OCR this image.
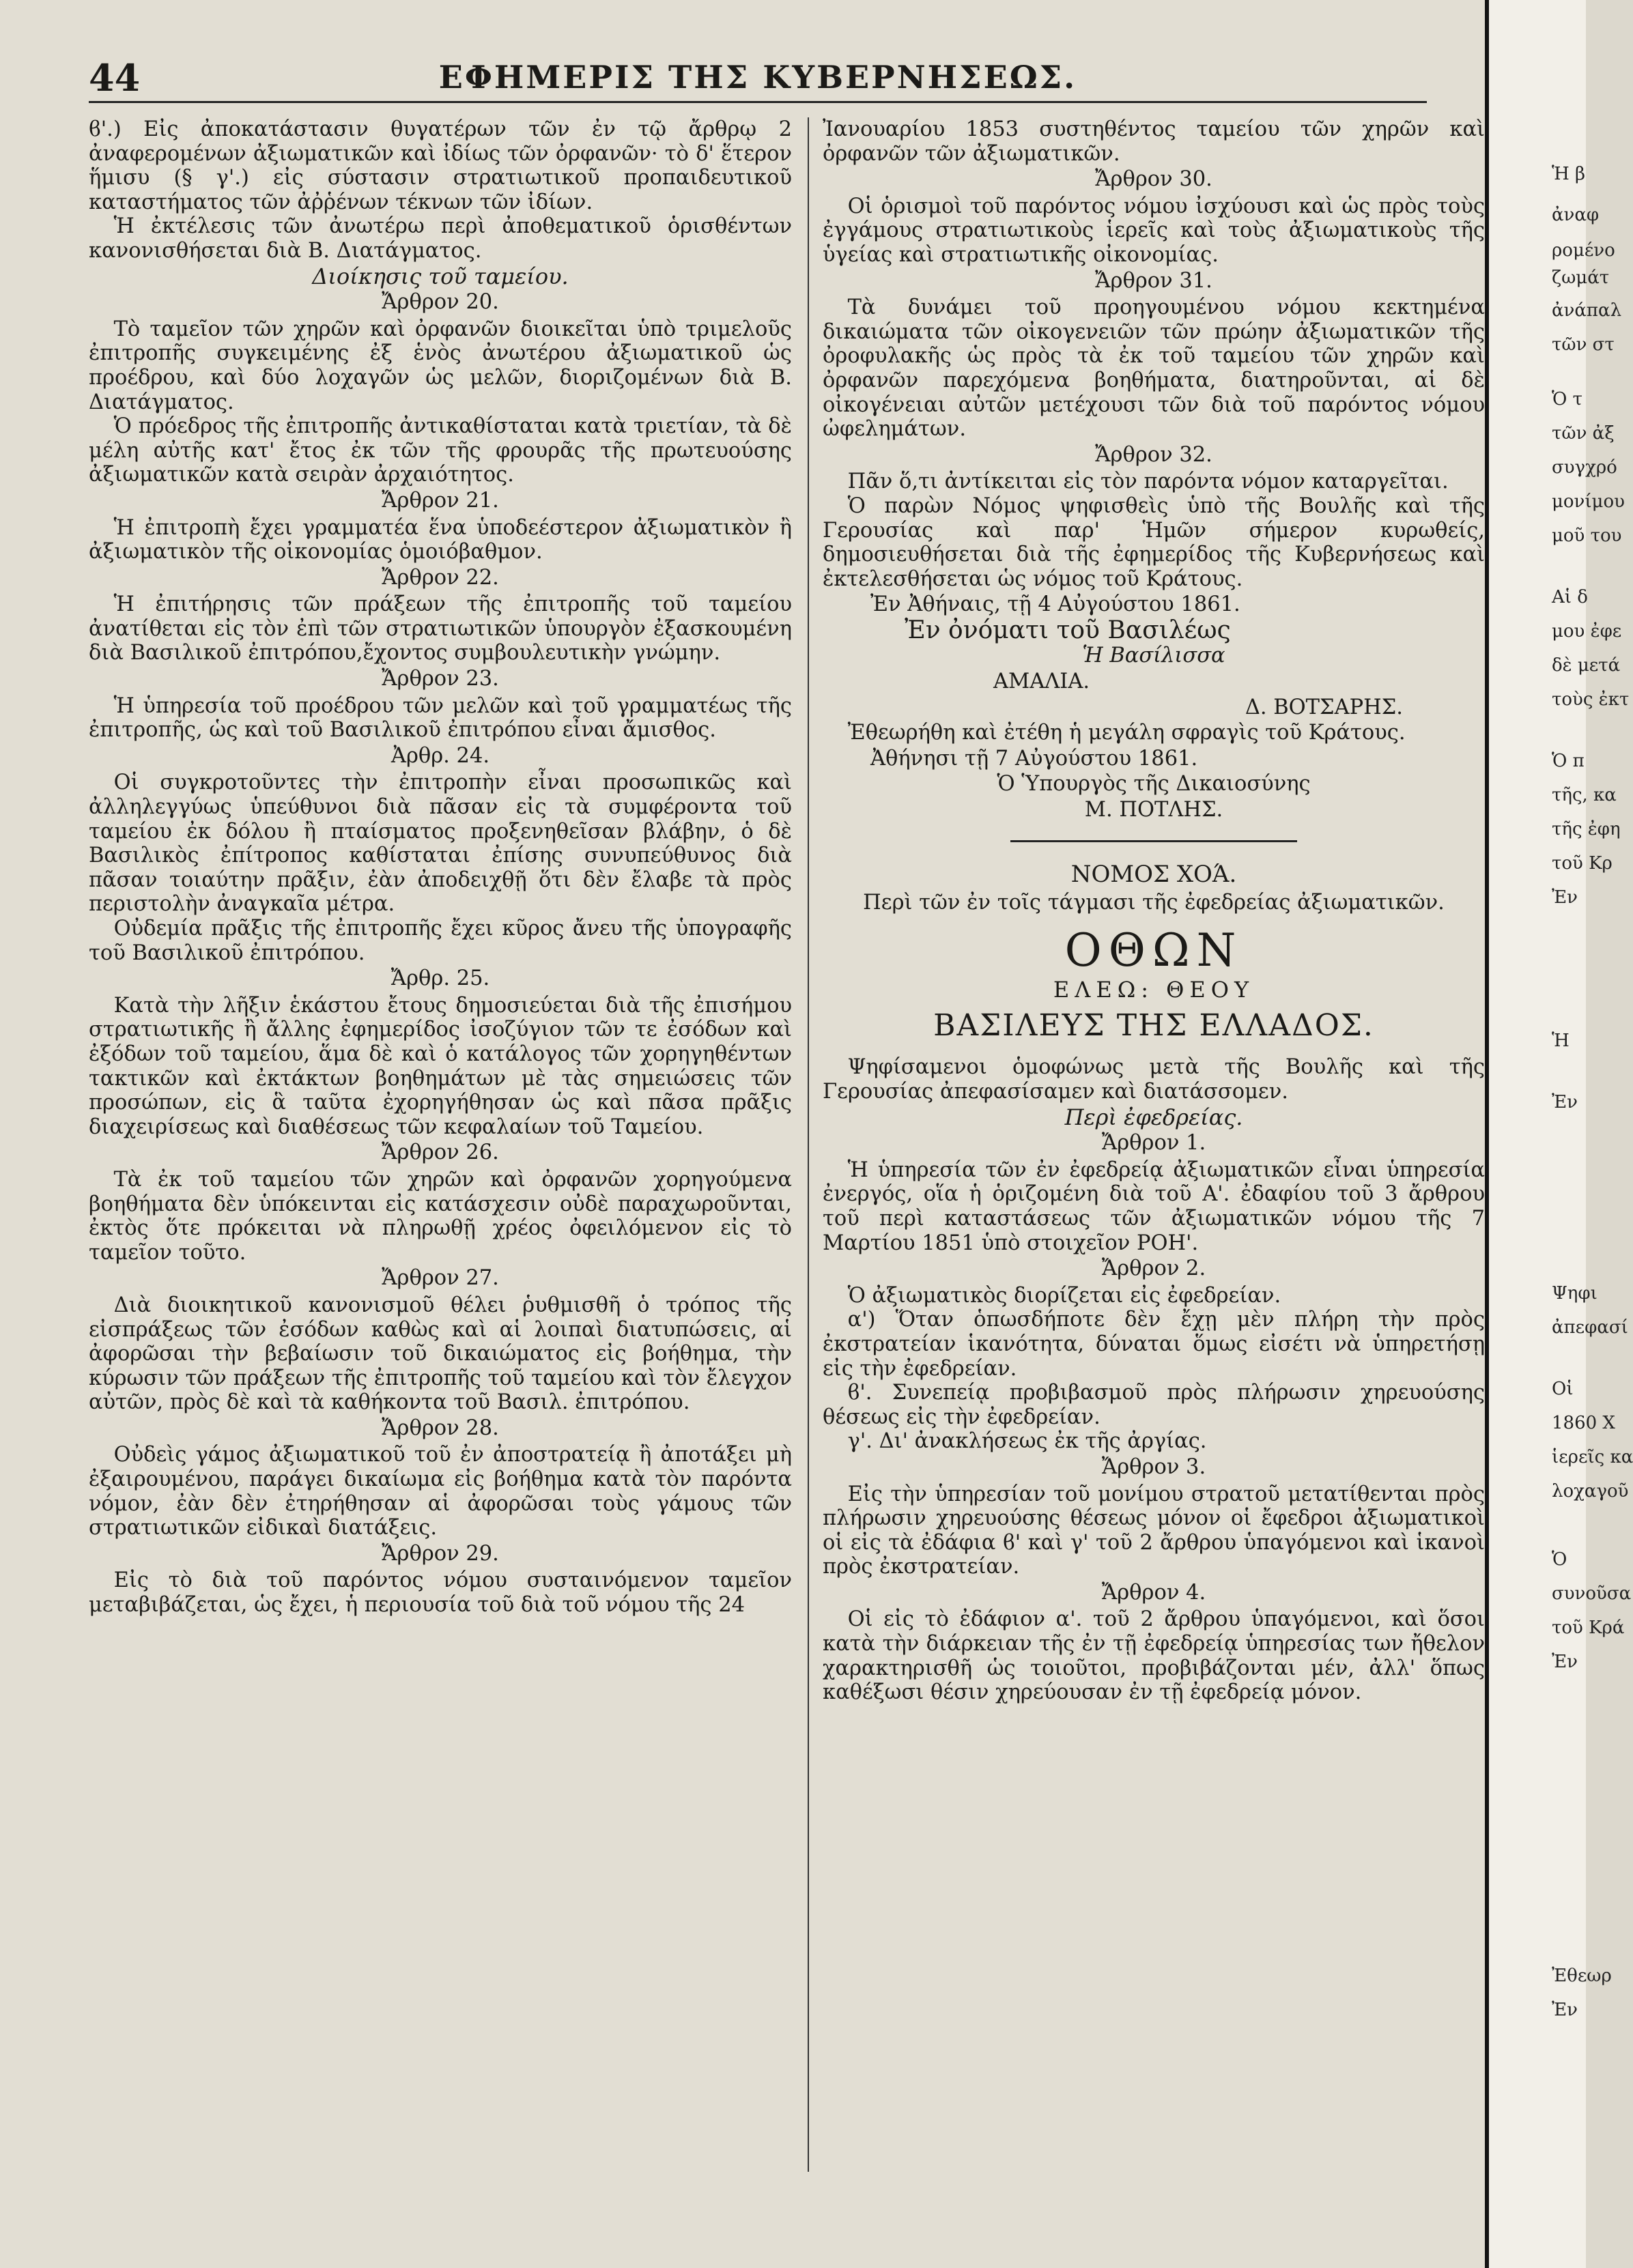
44	ΕΦΗΜΕΡΙΣ ΤΗΣ ΚΥΒΕΡΝΗΣΕΩΣ.

ϐ'.) Εἰς ἀποκατάστασιν θυγατέρων τῶν ἐν τῷ ἄρθρῳ 2 ἀναφερομένων ἀξιωματικῶν καὶ ἰδίως τῶν ὀρφανῶν· τὸ δ' ἕτερον ἥμισυ (§ γ'.) εἰς σύστασιν στρατιωτικοῦ προπαιδευτικοῦ καταστήματος τῶν ἀῤῥένων τέκνων τῶν ἰδίων.

Ἡ ἐκτέλεσις τῶν ἀνωτέρω περὶ ἀποθεματικοῦ ὁρισθέντων κανονισθήσεται διὰ Β. Διατάγματος.

Διοίκησις τοῦ ταμείου.
Ἄρθρον 20.

Τὸ ταμεῖον τῶν χηρῶν καὶ ὀρφανῶν διοικεῖται ὑπὸ τριμελοῦς ἐπιτροπῆς συγκειμένης ἐξ ἑνὸς ἀνωτέρου ἀξιωματικοῦ ὡς προέδρου, καὶ δύο λοχαγῶν ὡς μελῶν, διοριζομένων διὰ Β. Διατάγματος.

Ὁ πρόεδρος τῆς ἐπιτροπῆς ἀντικαθίσταται κατὰ τριετίαν, τὰ δὲ μέλη αὐτῆς κατ' ἔτος ἐκ τῶν τῆς φρουρᾶς τῆς πρωτευούσης ἀξιωματικῶν κατὰ σειρὰν ἀρχαιότητος.

Ἄρθρον 21.

Ἡ ἐπιτροπὴ ἔχει γραμματέα ἕνα ὑποδεέστερον ἀξιωματικὸν ἢ ἀξιωματικὸν τῆς οἰκονομίας ὁμοιόβαθμον.

Ἄρθρον 22.

Ἡ ἐπιτήρησις τῶν πράξεων τῆς ἐπιτροπῆς τοῦ ταμείου ἀνατίθεται εἰς τὸν ἐπὶ τῶν στρατιωτικῶν ὑπουργὸν ἐξασκουμένη διὰ Βασιλικοῦ ἐπιτρόπου,ἔχοντος συμβουλευτικὴν γνώμην.

Ἄρθρον 23.

Ἡ ὑπηρεσία τοῦ προέδρου τῶν μελῶν καὶ τοῦ γραμματέως τῆς ἐπιτροπῆς, ὡς καὶ τοῦ Βασιλικοῦ ἐπιτρόπου εἶναι ἄμισθος.

Ἀρθρ. 24.

Οἱ συγκροτοῦντες τὴν ἐπιτροπὴν εἶναι προσωπικῶς καὶ ἀλληλεγγύως ὑπεύθυνοι διὰ πᾶσαν εἰς τὰ συμφέροντα τοῦ ταμείου ἐκ δόλου ἢ πταίσματος προξενηθεῖσαν βλάβην, ὁ δὲ Βασιλικὸς ἐπίτροπος καθίσταται ἐπίσης συνυπεύθυνος διὰ πᾶσαν τοιαύτην πρᾶξιν, ἐὰν ἀποδειχθῇ ὅτι δὲν ἔλαβε τὰ πρὸς περιστολὴν ἀναγκαῖα μέτρα.

Οὐδεμία πρᾶξις τῆς ἐπιτροπῆς ἔχει κῦρος ἄνευ τῆς ὑπογραφῆς τοῦ Βασιλικοῦ ἐπιτρόπου.

Ἄρθρ. 25.

Κατὰ τὴν λῆξιν ἑκάστου ἔτους δημοσιεύεται διὰ τῆς ἐπισήμου στρατιωτικῆς ἢ ἄλλης ἐφημερίδος ἰσοζύγιον τῶν τε ἐσόδων καὶ ἐξόδων τοῦ ταμείου, ἅμα δὲ καὶ ὁ κατάλογος τῶν χορηγηθέντων τακτικῶν καὶ ἐκτάκτων βοηθημάτων μὲ τὰς σημειώσεις τῶν προσώπων, εἰς ἃ ταῦτα ἐχορηγήθησαν ὡς καὶ πᾶσα πρᾶξις διαχειρίσεως καὶ διαθέσεως τῶν κεφαλαίων τοῦ Ταμείου.

Ἄρθρον 26.

Τὰ ἐκ τοῦ ταμείου τῶν χηρῶν καὶ ὀρφανῶν χορηγούμενα βοηθήματα δὲν ὑπόκεινται εἰς κατάσχεσιν οὐδὲ παραχωροῦνται, ἐκτὸς ὅτε πρόκειται νὰ πληρωθῇ χρέος ὀφειλόμενον εἰς τὸ ταμεῖον τοῦτο.

Ἄρθρον 27.

Διὰ διοικητικοῦ κανονισμοῦ θέλει ῥυθμισθῆ ὁ τρόπος τῆς εἰσπράξεως τῶν ἐσόδων καθὼς καὶ αἱ λοιπαὶ διατυπώσεις, αἱ ἀφορῶσαι τὴν βεβαίωσιν τοῦ δικαιώματος εἰς βοήθημα, τὴν κύρωσιν τῶν πράξεων τῆς ἐπιτροπῆς τοῦ ταμείου καὶ τὸν ἔλεγχον αὐτῶν, πρὸς δὲ καὶ τὰ καθήκοντα τοῦ Βασιλ. ἐπιτρόπου.

Ἄρθρον 28.

Οὐδεὶς γάμος ἀξιωματικοῦ τοῦ ἐν ἀποστρατείᾳ ἢ ἀποτάξει μὴ ἐξαιρουμένου, παράγει δικαίωμα εἰς βοήθημα κατὰ τὸν παρόντα νόμον, ἐὰν δὲν ἐτηρήθησαν αἱ ἀφορῶσαι τοὺς γάμους τῶν στρατιωτικῶν εἰδικαὶ διατάξεις.

Ἄρθρον 29.

Εἰς τὸ διὰ τοῦ παρόντος νόμου συσταινόμενον ταμεῖον μεταβιβάζεται, ὡς ἔχει, ἡ περιουσία τοῦ διὰ τοῦ νόμου τῆς 24

Ἰανουαρίου 1853 συστηθέντος ταμείου τῶν χηρῶν καὶ ὀρφανῶν τῶν ἀξιωματικῶν.

Ἄρθρον 30.

Οἱ ὁρισμοὶ τοῦ παρόντος νόμου ἰσχύουσι καὶ ὡς πρὸς τοὺς ἐγγάμους στρατιωτικοὺς ἱερεῖς καὶ τοὺς ἀξιωματικοὺς τῆς ὑγείας καὶ στρατιωτικῆς οἰκονομίας.

Ἄρθρον 31.

Τὰ δυνάμει τοῦ προηγουμένου νόμου κεκτημένα δικαιώματα τῶν οἰκογενειῶν τῶν πρώην ἀξιωματικῶν τῆς ὀροφυλακῆς ὡς πρὸς τὰ ἐκ τοῦ ταμείου τῶν χηρῶν καὶ ὀρφανῶν παρεχόμενα βοηθήματα, διατηροῦνται, αἱ δὲ οἰκογένειαι αὐτῶν μετέχουσι τῶν διὰ τοῦ παρόντος νόμου ὠφελημάτων.

Ἄρθρον 32.

Πᾶν ὅ,τι ἀντίκειται εἰς τὸν παρόντα νόμον καταργεῖται.

Ὁ παρὼν Νόμος ψηφισθεὶς ὑπὸ τῆς Βουλῆς καὶ τῆς Γερουσίας καὶ παρ' Ἡμῶν σήμερον κυρωθείς, δημοσιευθήσεται διὰ τῆς ἐφημερίδος τῆς Κυβερνήσεως καὶ ἐκτελεσθήσεται ὡς νόμος τοῦ Κράτους.

Ἐν Ἀθήναις, τῇ 4 Αὐγούστου 1861.
Ἐν ὀνόματι τοῦ Βασιλέως
Ἡ Βασίλισσα
ΑΜΑΛΙΑ.
Δ. ΒΟΤΣΑΡΗΣ.

Ἐθεωρήθη καὶ ἐτέθη ἡ μεγάλη σφραγὶς τοῦ Κράτους.

Ἀθήνησι τῇ 7 Αὐγούστου 1861.
Ὁ Ὑπουργὸς τῆς Δικαιοσύνης
Μ. ΠΟΤΛΗΣ.
ΝΟΜΟΣ ΧΟΆ.
Περὶ τῶν ἐν τοῖς τάγμασι τῆς ἐφεδρείας ἀξιωματικῶν.
ΟΘΩΝ
ΕΛΕΩ: ΘΕΟΥ
ΒΑΣΙΛΕΥΣ ΤΗΣ ΕΛΛΑΔΟΣ.

Ψηφίσαμενοι ὁμοφώνως μετὰ τῆς Βουλῆς καὶ τῆς Γερουσίας ἀπεφασίσαμεν καὶ διατάσσομεν.

Περὶ ἐφεδρείας.
Ἄρθρον 1.

Ἡ ὑπηρεσία τῶν ἐν ἐφεδρείᾳ ἀξιωματικῶν εἶναι ὑπηρεσία ἐνεργός, οἵα ἡ ὁριζομένη διὰ τοῦ Α'. ἐδαφίου τοῦ 3 ἄρθρου τοῦ περὶ καταστάσεως τῶν ἀξιωματικῶν νόμου τῆς 7 Μαρτίου 1851 ὑπὸ στοιχεῖον ΡΟΗ'.

Ἄρθρον 2.

Ὁ ἀξιωματικὸς διορίζεται εἰς ἐφεδρείαν.

α') Ὅταν ὁπωσδήποτε δὲν ἔχῃ μὲν πλήρη τὴν πρὸς ἐκστρατείαν ἱκανότητα, δύναται ὅμως εἰσέτι νὰ ὑπηρετήσῃ εἰς τὴν ἐφεδρείαν.

ϐ'. Συνεπείᾳ προβιβασμοῦ πρὸς πλήρωσιν χηρευούσης θέσεως εἰς τὴν ἐφεδρείαν.

γ'. Δι' ἀνακλήσεως ἐκ τῆς ἀργίας.

Ἄρθρον 3.

Εἰς τὴν ὑπηρεσίαν τοῦ μονίμου στρατοῦ μετατίθενται πρὸς πλήρωσιν χηρευούσης θέσεως μόνον οἱ ἔφεδροι ἀξιωματικοὶ οἱ εἰς τὰ ἐδάφια ϐ' καὶ γ' τοῦ 2 ἄρθρου ὑπαγόμενοι καὶ ἱκανοὶ πρὸς ἐκστρατείαν.

Ἄρθρον 4.

Οἱ εἰς τὸ ἐδάφιον α'. τοῦ 2 ἄρθρου ὑπαγόμενοι, καὶ ὅσοι κατὰ τὴν διάρκειαν τῆς ἐν τῇ ἐφεδρείᾳ ὑπηρεσίας των ἤθελον χαρακτηρισθῆ ὡς τοιοῦτοι, προβιβάζονται μέν, ἀλλ' ὅπως καθέξωσι θέσιν χηρεύουσαν ἐν τῇ ἐφεδρείᾳ μόνον.

Ἡ β
ἀναφ
ρομένο
ζωμάτ
ἀνάπαλ
τῶν στ
Ὁ τ
τῶν ἀξ
συγχρό
μονίμου
μοῦ του
Αἱ δ
μου ἐφε
δὲ μετά
τοὺς ἐκτ
Ὁ π
τῆς, κα
τῆς ἐφη
τοῦ Κρ
Ἐν
Ἡ
Ἐν
Ψηφι
ἀπεφασί
Οἱ
1860 Χ
ἱερεῖς κα
λοχαγοῦ
Ὁ
συνοῦσα
τοῦ Κρά
Ἐν
Ἐθεωρ
Ἐν
